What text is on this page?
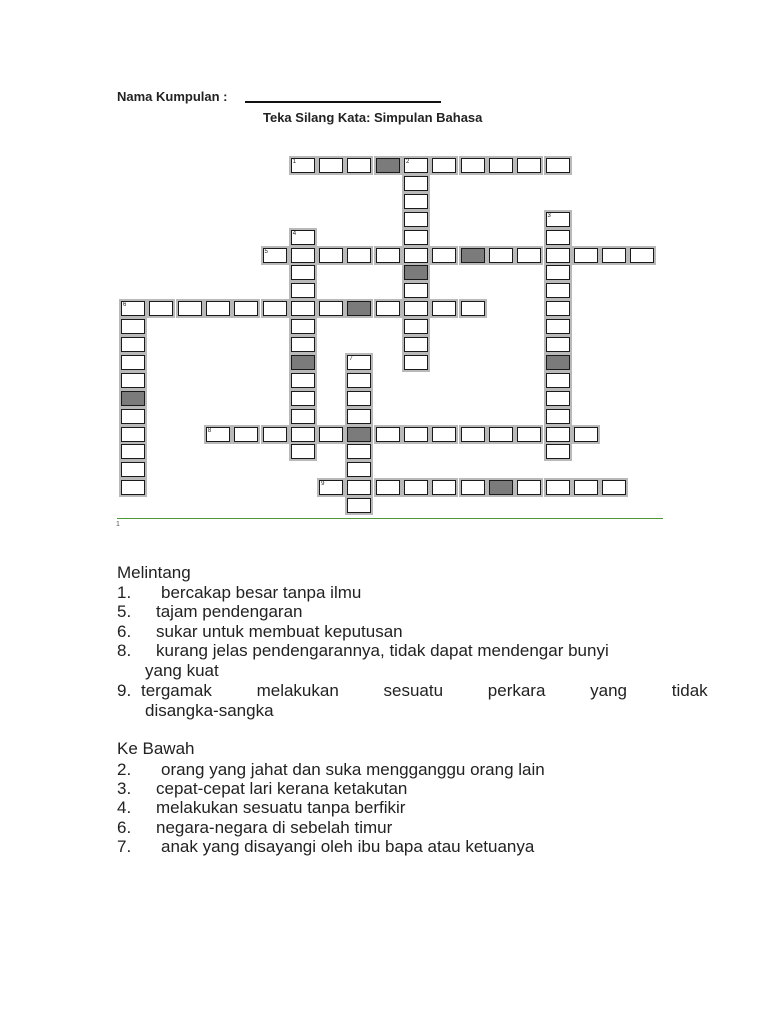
Nama Kumpulan :
Teka Silang Kata: Simpulan Bahasa
1	2
3
4
5
6
7
8
9
1
Melintang
1. bercakap besar tanpa ilmu
5. tajam pendengaran
6. sukar untuk membuat keputusan
8.	kurang jelas pendengarannya, tidak dapat mendengar bunyi
yang kuat
9. tergamak melakukan sesuatu perkara yang tidak
disangka-sangka
Ke Bawah
2. orang yang jahat dan suka mengganggu orang lain
3. cepat-cepat lari kerana ketakutan
4. melakukan sesuatu tanpa berfikir
6. negara-negara di sebelah timur
7. anak yang disayangi oleh ibu bapa atau ketuanya
